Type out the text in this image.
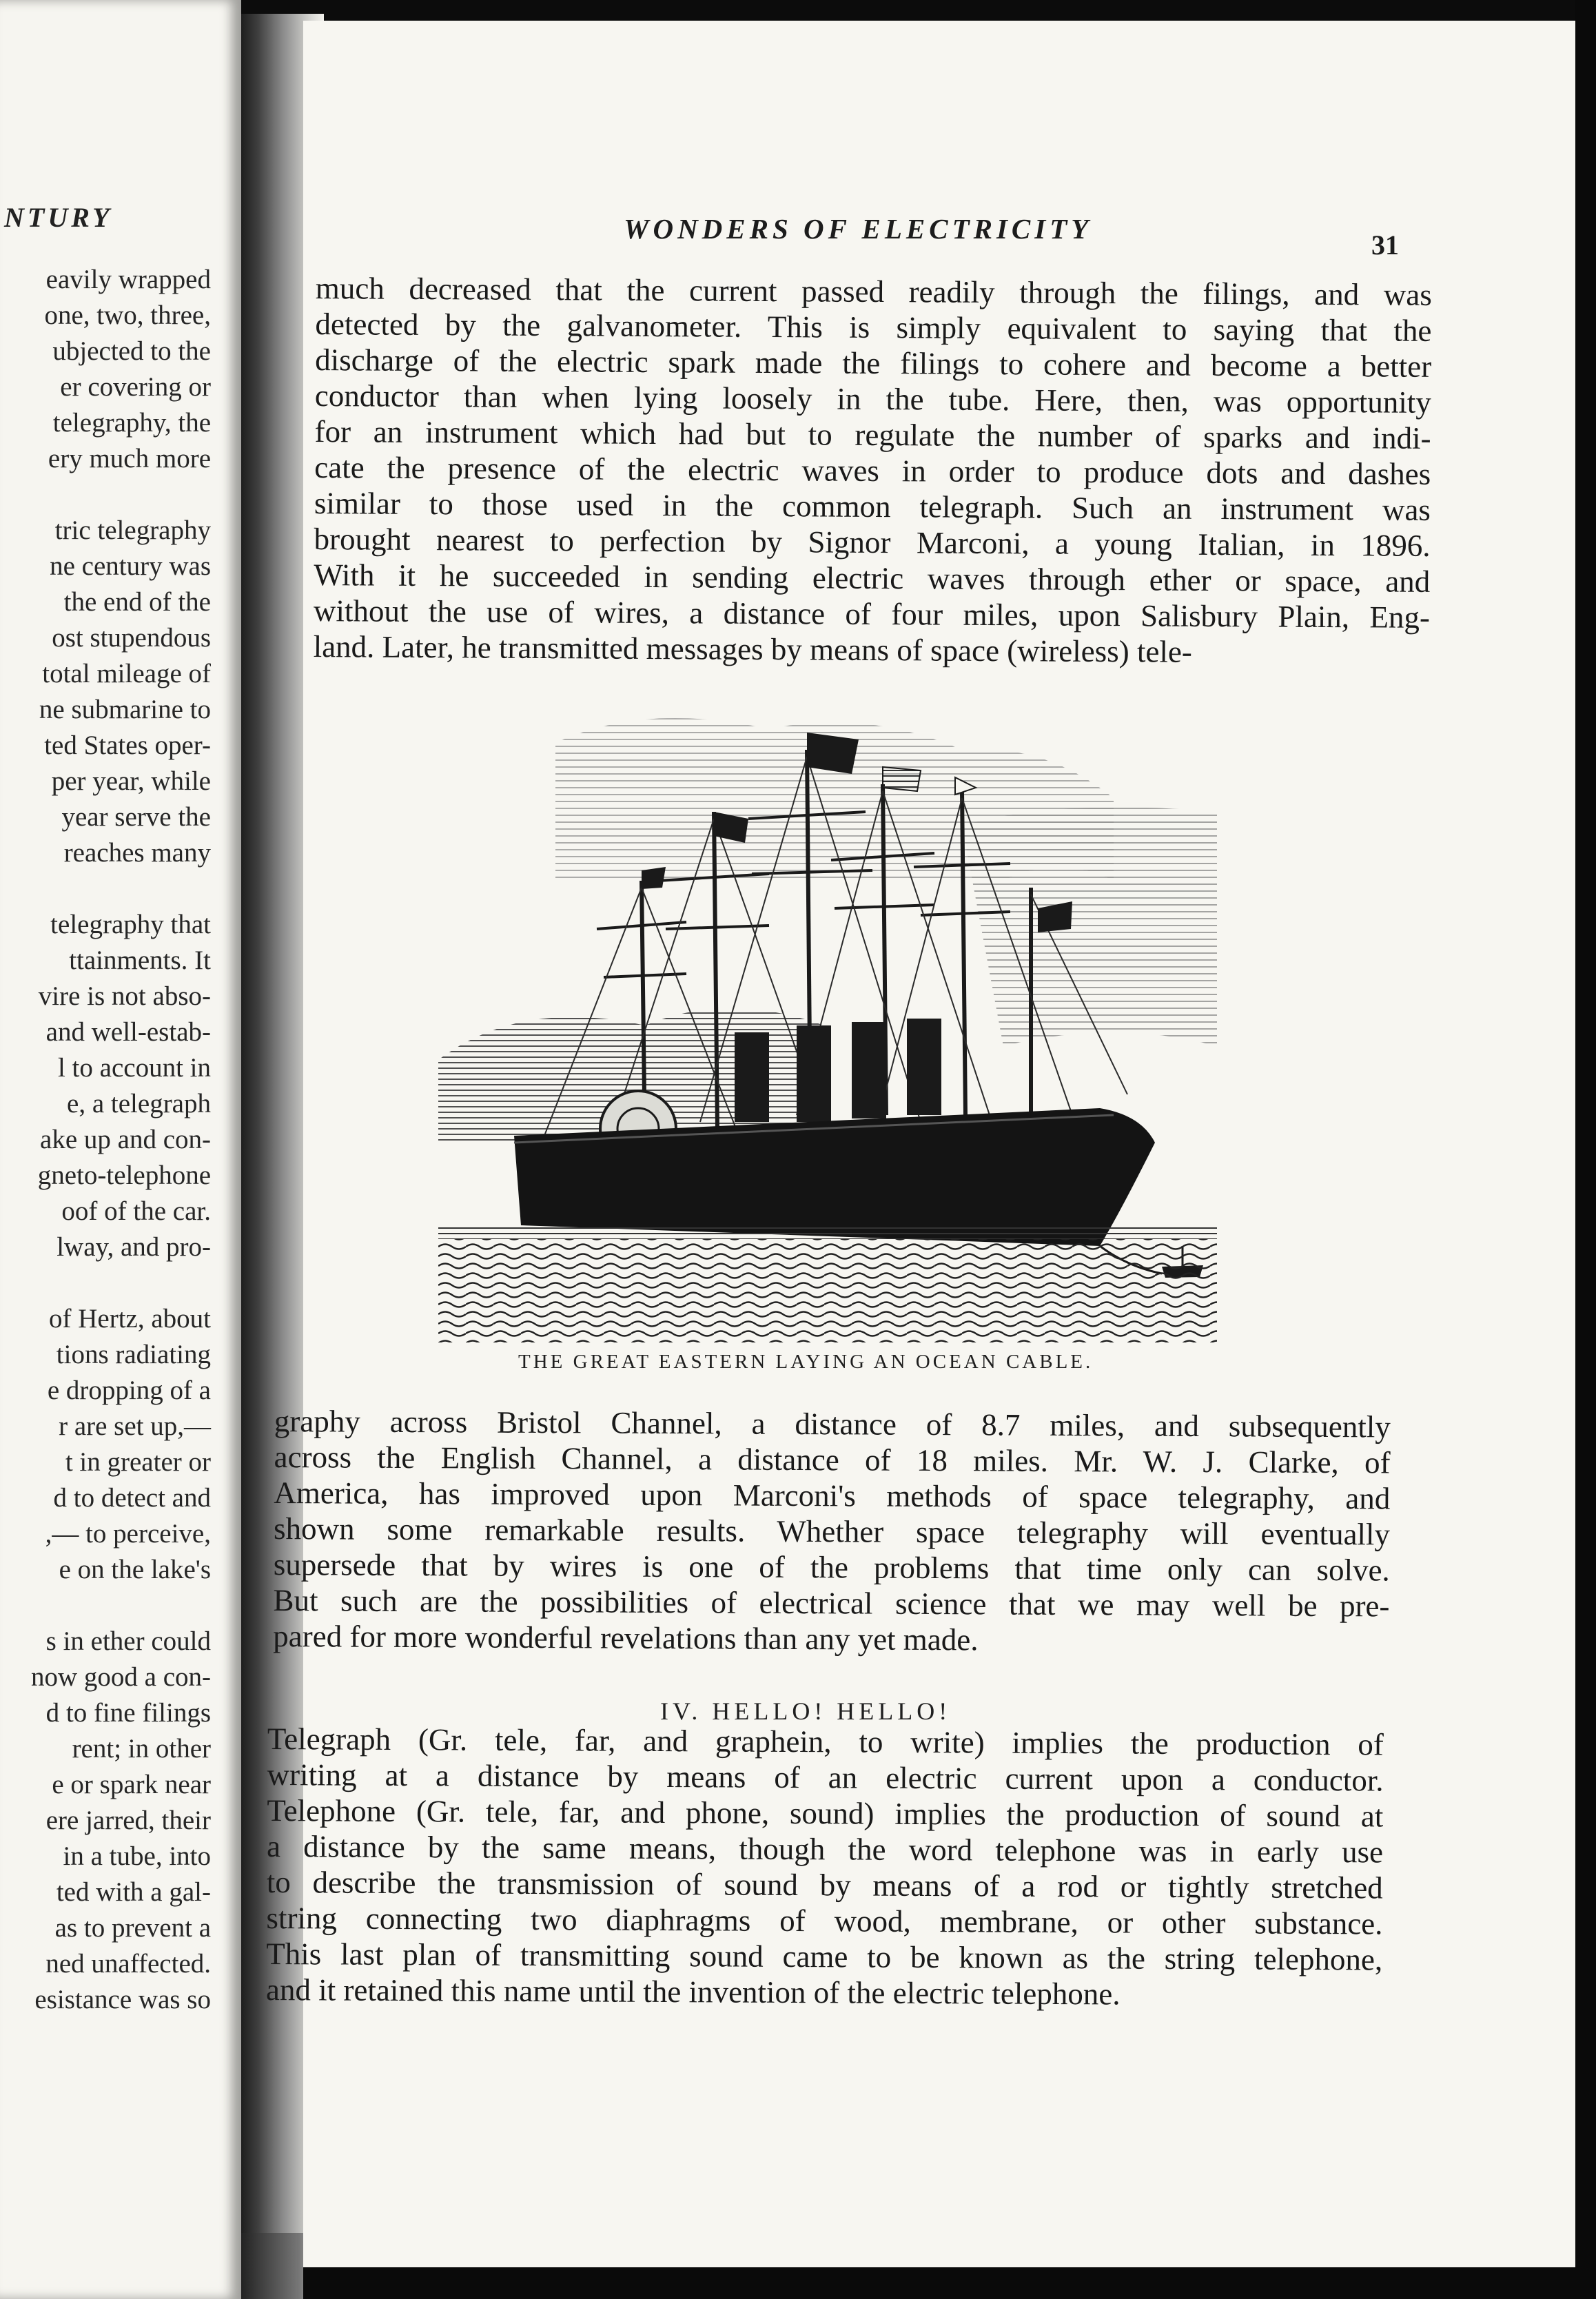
NTURY
eavily wrapped
one, two, three,
ubjected to the
er covering or
telegraphy, the
ery much more
tric telegraphy
ne century was
the end of the
ost stupendous
total mileage of
ne submarine to
ted States oper-
per year, while
year serve the
reaches many
telegraphy that
ttainments. It
vire is not abso-
and well-estab-
l to account in
e, a telegraph
ake up and con-
gneto-telephone
oof of the car.
lway, and pro-
of Hertz, about
tions radiating
e dropping of a
r are set up,—
t in greater or
d to detect and
,— to perceive,
e on the lake's
s in ether could
now good a con-
d to fine filings
rent; in other
e or spark near
ere jarred, their
in a tube, into
ted with a gal-
as to prevent a
ned unaffected.
esistance was so
WONDERS OF ELECTRICITY
31
much decreased that the current passed readily through the filings, and was
detected by the galvanometer. This is simply equivalent to saying that the
discharge of the electric spark made the filings to cohere and become a better
conductor than when lying loosely in the tube. Here, then, was opportunity
for an instrument which had but to regulate the number of sparks and indi-
cate the presence of the electric waves in order to produce dots and dashes
similar to those used in the common telegraph. Such an instrument was
brought nearest to perfection by Signor Marconi, a young Italian, in 1896.
With it he succeeded in sending electric waves through ether or space, and
without the use of wires, a distance of four miles, upon Salisbury Plain, Eng-
land. Later, he transmitted messages by means of space (wireless) tele-
THE GREAT EASTERN LAYING AN OCEAN CABLE.
graphy across Bristol Channel, a distance of 8.7 miles, and subsequently
across the English Channel, a distance of 18 miles. Mr. W. J. Clarke, of
America, has improved upon Marconi's methods of space telegraphy, and
shown some remarkable results. Whether space telegraphy will eventually
supersede that by wires is one of the problems that time only can solve.
But such are the possibilities of electrical science that we may well be pre-
pared for more wonderful revelations than any yet made.
IV. HELLO! HELLO!
Telegraph (Gr. tele, far, and graphein, to write) implies the production of
writing at a distance by means of an electric current upon a conductor.
Telephone (Gr. tele, far, and phone, sound) implies the production of sound at
a distance by the same means, though the word telephone was in early use
to describe the transmission of sound by means of a rod or tightly stretched
string connecting two diaphragms of wood, membrane, or other substance.
This last plan of transmitting sound came to be known as the string telephone,
and it retained this name until the invention of the electric telephone.
